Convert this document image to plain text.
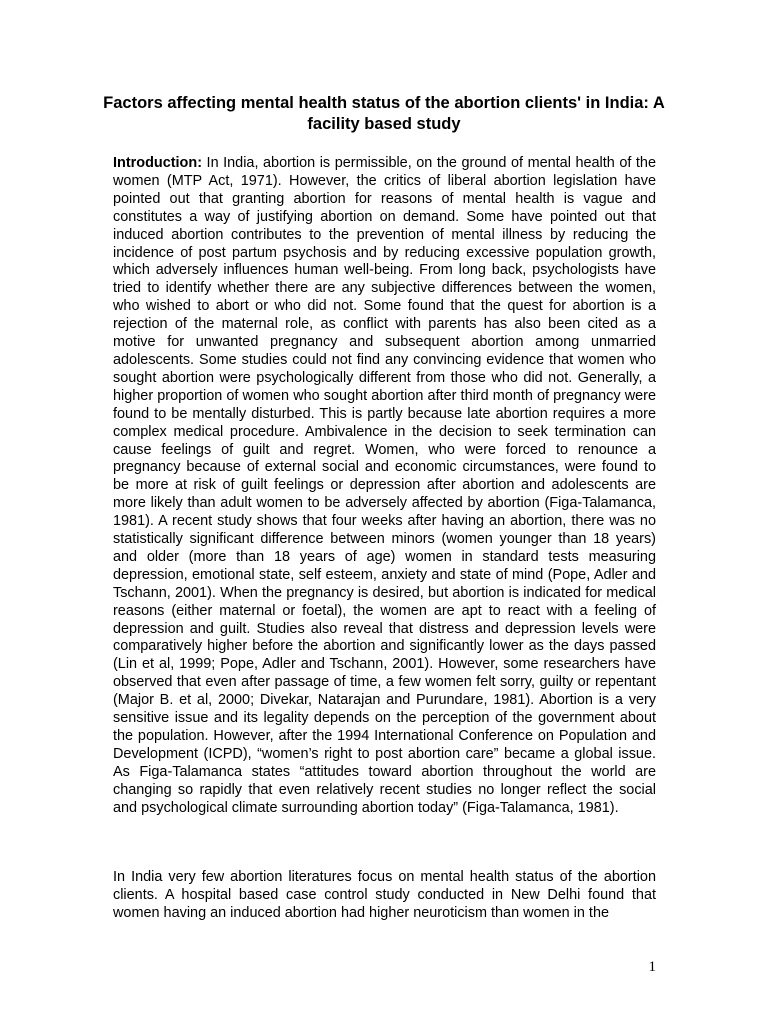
Factors affecting mental health status of the abortion clients' in India: A facility based study

Introduction: In India, abortion is permissible, on the ground of mental health of the women (MTP Act, 1971). However, the critics of liberal abortion legislation have pointed out that granting abortion for reasons of mental health is vague and constitutes a way of justifying abortion on demand. Some have pointed out that induced abortion contributes to the prevention of mental illness by reducing the incidence of post partum psychosis and by reducing excessive population growth, which adversely influences human well-being. From long back, psychologists have tried to identify whether there are any subjective differences between the women, who wished to abort or who did not. Some found that the quest for abortion is a rejection of the maternal role, as conflict with parents has also been cited as a motive for unwanted pregnancy and subsequent abortion among unmarried adolescents. Some studies could not find any convincing evidence that women who sought abortion were psychologically different from those who did not. Generally, a higher proportion of women who sought abortion after third month of pregnancy were found to be mentally disturbed. This is partly because late abortion requires a more complex medical procedure. Ambivalence in the decision to seek termination can cause feelings of guilt and regret. Women, who were forced to renounce a pregnancy because of external social and economic circumstances, were found to be more at risk of guilt feelings or depression after abortion and adolescents are more likely than adult women to be adversely affected by abortion (Figa-Talamanca, 1981). A recent study shows that four weeks after having an abortion, there was no statistically significant difference between minors (women younger than 18 years) and older (more than 18 years of age) women in standard tests measuring depression, emotional state, self esteem, anxiety and state of mind (Pope, Adler and Tschann, 2001). When the pregnancy is desired, but abortion is indicated for medical reasons (either maternal or foetal), the women are apt to react with a feeling of depression and guilt. Studies also reveal that distress and depression levels were comparatively higher before the abortion and significantly lower as the days passed (Lin et al, 1999; Pope, Adler and Tschann, 2001). However, some researchers have observed that even after passage of time, a few women felt sorry, guilty or repentant (Major B. et al, 2000; Divekar, Natarajan and Purundare, 1981). Abortion is a very sensitive issue and its legality depends on the perception of the government about the population. However, after the 1994 International Conference on Population and Development (ICPD), “women’s right to post abortion care” became a global issue. As Figa-Talamanca states “attitudes toward abortion throughout the world are changing so rapidly that even relatively recent studies no longer reflect the social and psychological climate surrounding abortion today” (Figa-Talamanca, 1981).

In India very few abortion literatures focus on mental health status of the abortion clients. A hospital based case control study conducted in New Delhi found that women having an induced abortion had higher neuroticism than women in the

1
